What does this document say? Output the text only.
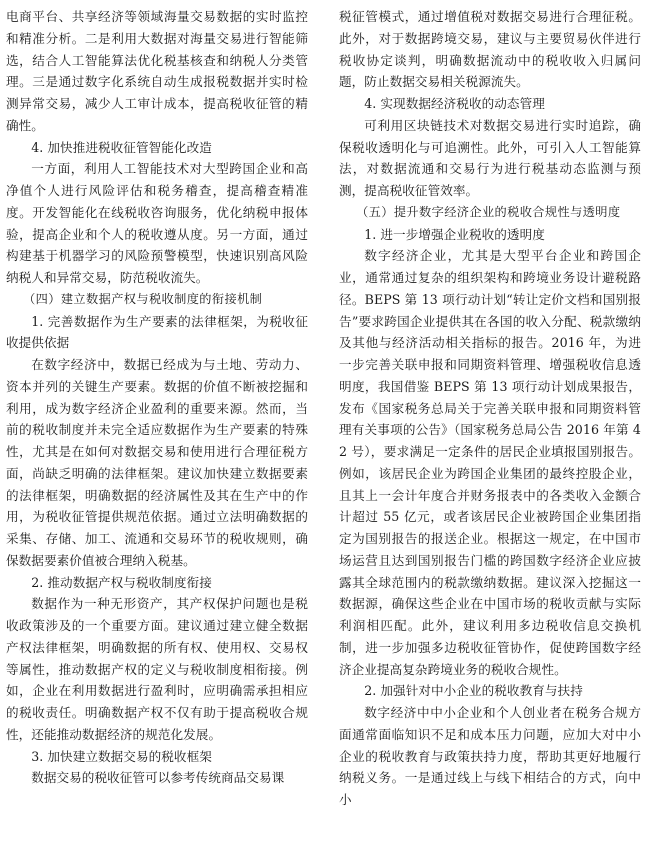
电商平台、共享经济等领域海量交易数据的实时监控和精准分析。二是利用大数据对海量交易进行智能筛选，结合人工智能算法优化税基核查和纳税人分类管理。三是通过数字化系统自动生成报税数据并实时检测异常交易，减少人工审计成本，提高税收征管的精确性。

4. 加快推进税收征管智能化改造

一方面，利用人工智能技术对大型跨国企业和高净值个人进行风险评估和税务稽查，提高稽查精准度。开发智能化在线税收咨询服务，优化纳税申报体验，提高企业和个人的税收遵从度。另一方面，通过构建基于机器学习的风险预警模型，快速识别高风险纳税人和异常交易，防范税收流失。

（四）建立数据产权与税收制度的衔接机制

1. 完善数据作为生产要素的法律框架，为税收征收提供依据

在数字经济中，数据已经成为与土地、劳动力、资本并列的关键生产要素。数据的价值不断被挖掘和利用，成为数字经济企业盈利的重要来源。然而，当前的税收制度并未完全适应数据作为生产要素的特殊性，尤其是在如何对数据交易和使用进行合理征税方面，尚缺乏明确的法律框架。建议加快建立数据要素的法律框架，明确数据的经济属性及其在生产中的作用，为税收征管提供规范依据。通过立法明确数据的采集、存储、加工、流通和交易环节的税收规则，确保数据要素价值被合理纳入税基。

2. 推动数据产权与税收制度衔接

数据作为一种无形资产，其产权保护问题也是税收政策涉及的一个重要方面。建议通过建立健全数据产权法律框架，明确数据的所有权、使用权、交易权等属性，推动数据产权的定义与税收制度相衔接。例如，企业在利用数据进行盈利时，应明确需承担相应的税收责任。明确数据产权不仅有助于提高税收合规性，还能推动数据经济的规范化发展。

3. 加快建立数据交易的税收框架

数据交易的税收征管可以参考传统商品交易课

税征管模式，通过增值税对数据交易进行合理征税。此外，对于数据跨境交易，建议与主要贸易伙伴进行税收协定谈判，明确数据流动中的税收收入归属问题，防止数据交易相关税源流失。

4. 实现数据经济税收的动态管理

可利用区块链技术对数据交易进行实时追踪，确保税收透明化与可追溯性。此外，可引入人工智能算法，对数据流通和交易行为进行税基动态监测与预测，提高税收征管效率。

（五）提升数字经济企业的税收合规性与透明度

1. 进一步增强企业税收的透明度

数字经济企业，尤其是大型平台企业和跨国企业，通常通过复杂的组织架构和跨境业务设计避税路径。BEPS 第 13 项行动计划“转让定价文档和国别报告”要求跨国企业提供其在各国的收入分配、税款缴纳及其他与经济活动相关指标的报告。2016 年，为进一步完善关联申报和同期资料管理、增强税收信息透明度，我国借鉴 BEPS 第 13 项行动计划成果报告，发布《国家税务总局关于完善关联申报和同期资料管理有关事项的公告》（国家税务总局公告 2016 年第 42 号），要求满足一定条件的居民企业填报国别报告。例如，该居民企业为跨国企业集团的最终控股企业，且其上一会计年度合并财务报表中的各类收入金额合计超过 55 亿元，或者该居民企业被跨国企业集团指定为国别报告的报送企业。根据这一规定，在中国市场运营且达到国别报告门槛的跨国数字经济企业应披露其全球范围内的税款缴纳数据。建议深入挖掘这一数据源，确保这些企业在中国市场的税收贡献与实际利润相匹配。此外，建议利用多边税收信息交换机制，进一步加强多边税收征管协作，促使跨国数字经济企业提高复杂跨境业务的税收合规性。

2. 加强针对中小企业的税收教育与扶持

数字经济中中小企业和个人创业者在税务合规方面通常面临知识不足和成本压力问题，应加大对中小企业的税收教育与政策扶持力度，帮助其更好地履行纳税义务。一是通过线上与线下相结合的方式，向中小
